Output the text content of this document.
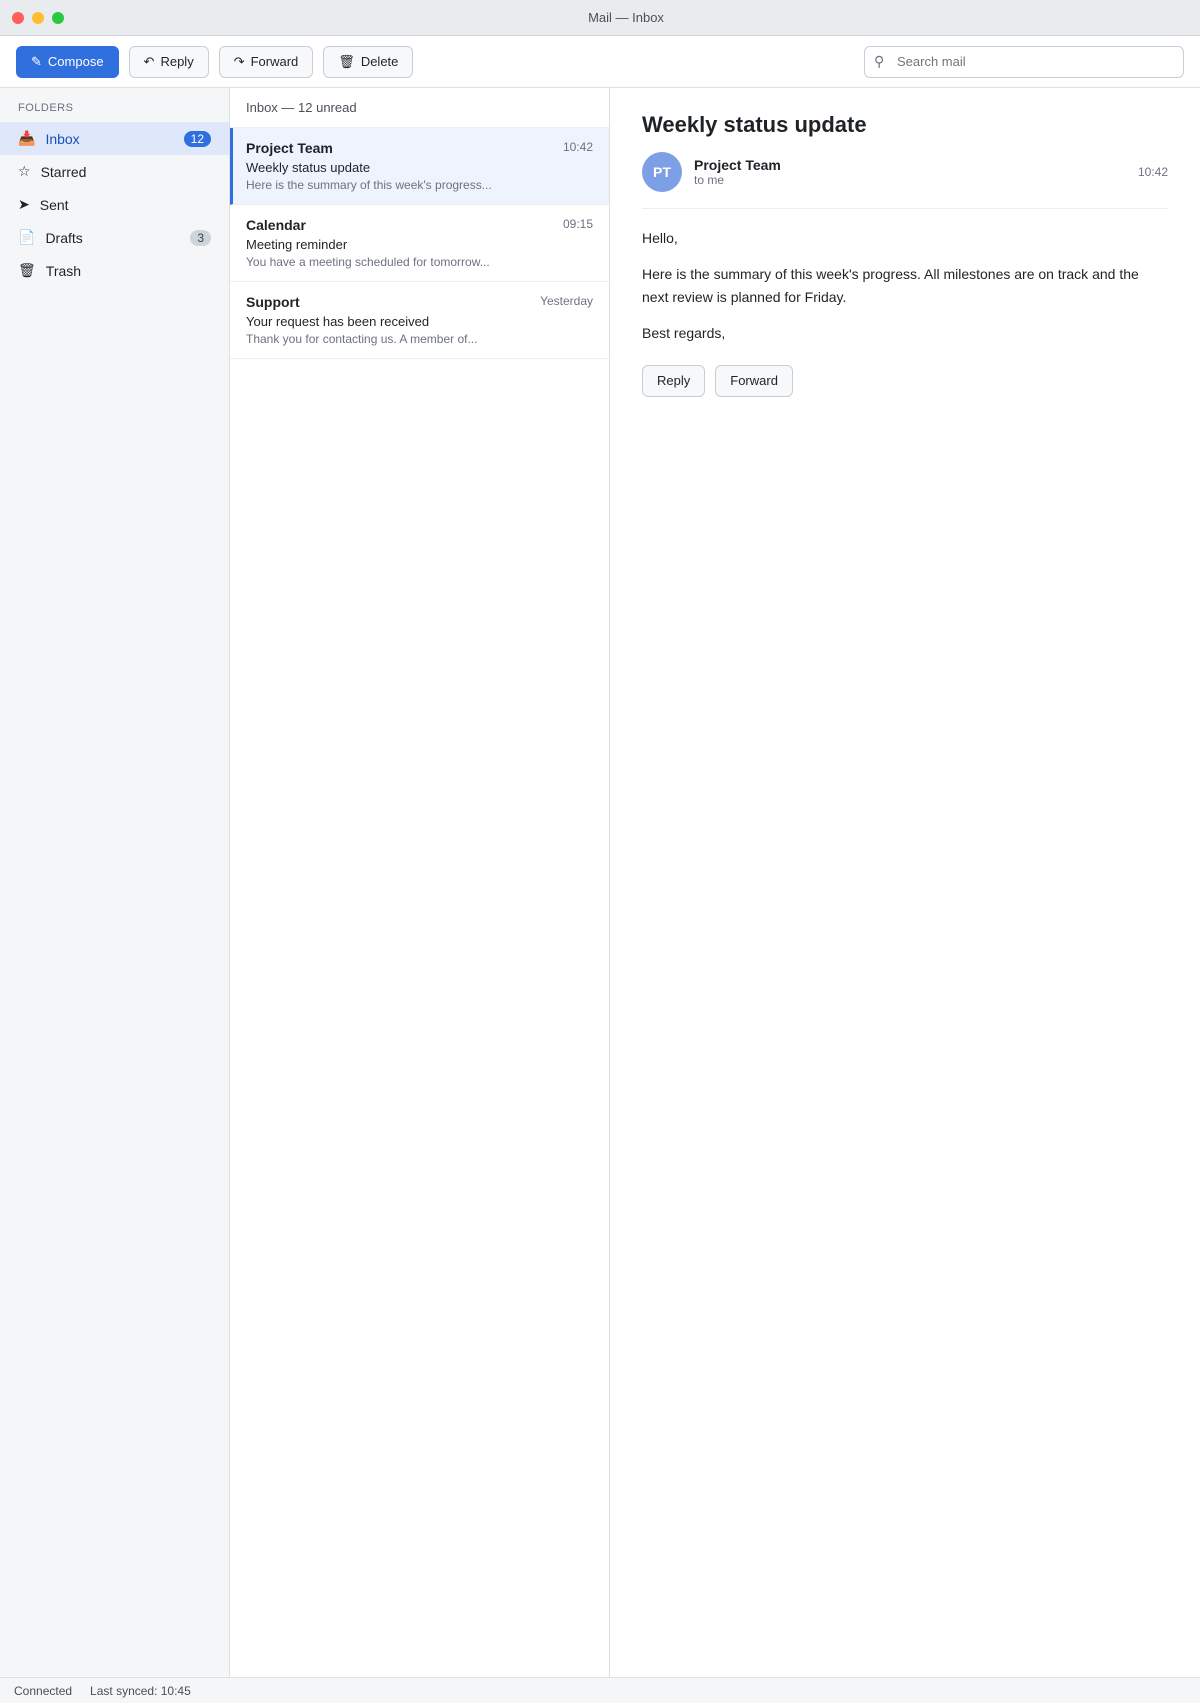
Mail — Inbox
✎ Compose	↶ Reply	↷ Forward	🗑 Delete	⚲
Search mail
FOLDERS
📥 Inbox	12
☆ Starred
➤ Sent
📄 Drafts	3
🗑 Trash
Inbox — 12 unread
Project Team	10:42
Weekly status update
Here is the summary of this week's progress...
Calendar	09:15
Meeting reminder
You have a meeting scheduled for tomorrow...
Support	Yesterday
Your request has been received
Thank you for contacting us. A member of...
Weekly status update
PT	Project Team
to me
10:42

Hello,

Here is the summary of this week's progress. All milestones are on track and the next review is planned for Friday.

Best regards,

Reply	Forward
Connected Last synced: 10:45
